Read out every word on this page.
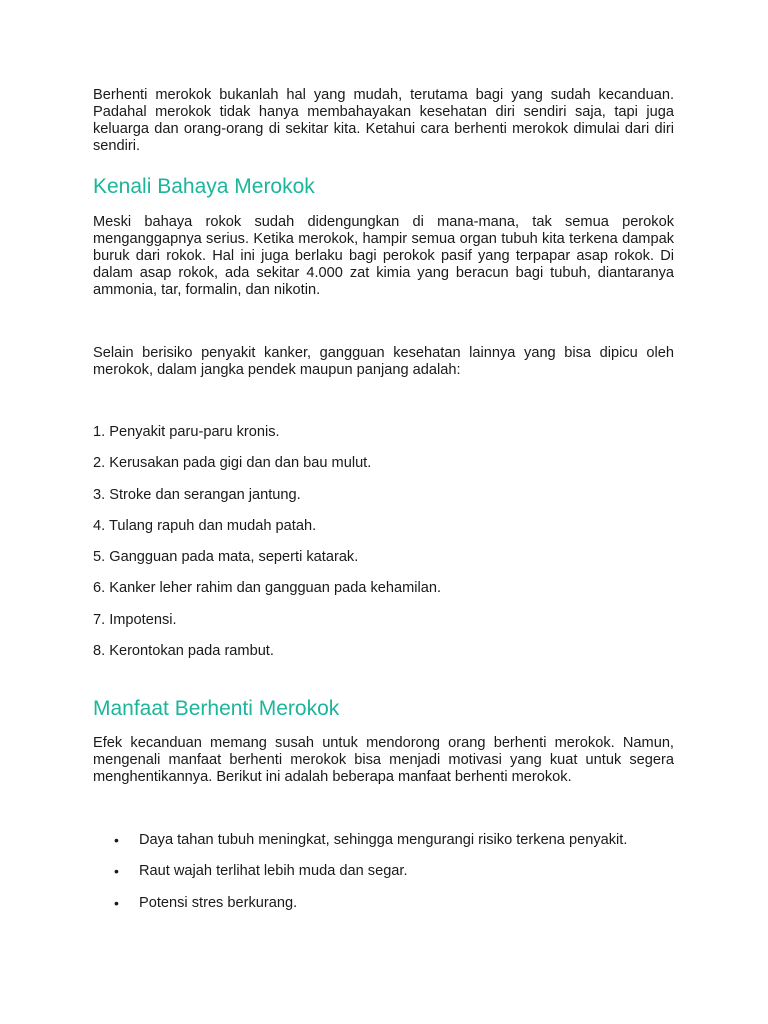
Berhenti merokok bukanlah hal yang mudah, terutama bagi yang sudah kecanduan. Padahal merokok tidak hanya membahayakan kesehatan diri sendiri saja, tapi juga keluarga dan orang-orang di sekitar kita. Ketahui cara berhenti merokok dimulai dari diri sendiri.

Kenali Bahaya Merokok

Meski bahaya rokok sudah didengungkan di mana-mana, tak semua perokok menganggapnya serius. Ketika merokok, hampir semua organ tubuh kita terkena dampak buruk dari rokok. Hal ini juga berlaku bagi perokok pasif yang terpapar asap rokok. Di dalam asap rokok, ada sekitar 4.000 zat kimia yang beracun bagi tubuh, diantaranya ammonia, tar, formalin, dan nikotin.

Selain berisiko penyakit kanker, gangguan kesehatan lainnya yang bisa dipicu oleh merokok, dalam jangka pendek maupun panjang adalah:

1. Penyakit paru-paru kronis.
2. Kerusakan pada gigi dan dan bau mulut.
3. Stroke dan serangan jantung.
4. Tulang rapuh dan mudah patah.
5. Gangguan pada mata, seperti katarak.
6. Kanker leher rahim dan gangguan pada kehamilan.
7. Impotensi.
8. Kerontokan pada rambut.
Manfaat Berhenti Merokok

Efek kecanduan memang susah untuk mendorong orang berhenti merokok. Namun, mengenali manfaat berhenti merokok bisa menjadi motivasi yang kuat untuk segera menghentikannya. Berikut ini adalah beberapa manfaat berhenti merokok.

• Daya tahan tubuh meningkat, sehingga mengurangi risiko terkena penyakit.
• Raut wajah terlihat lebih muda dan segar.
• Potensi stres berkurang.
